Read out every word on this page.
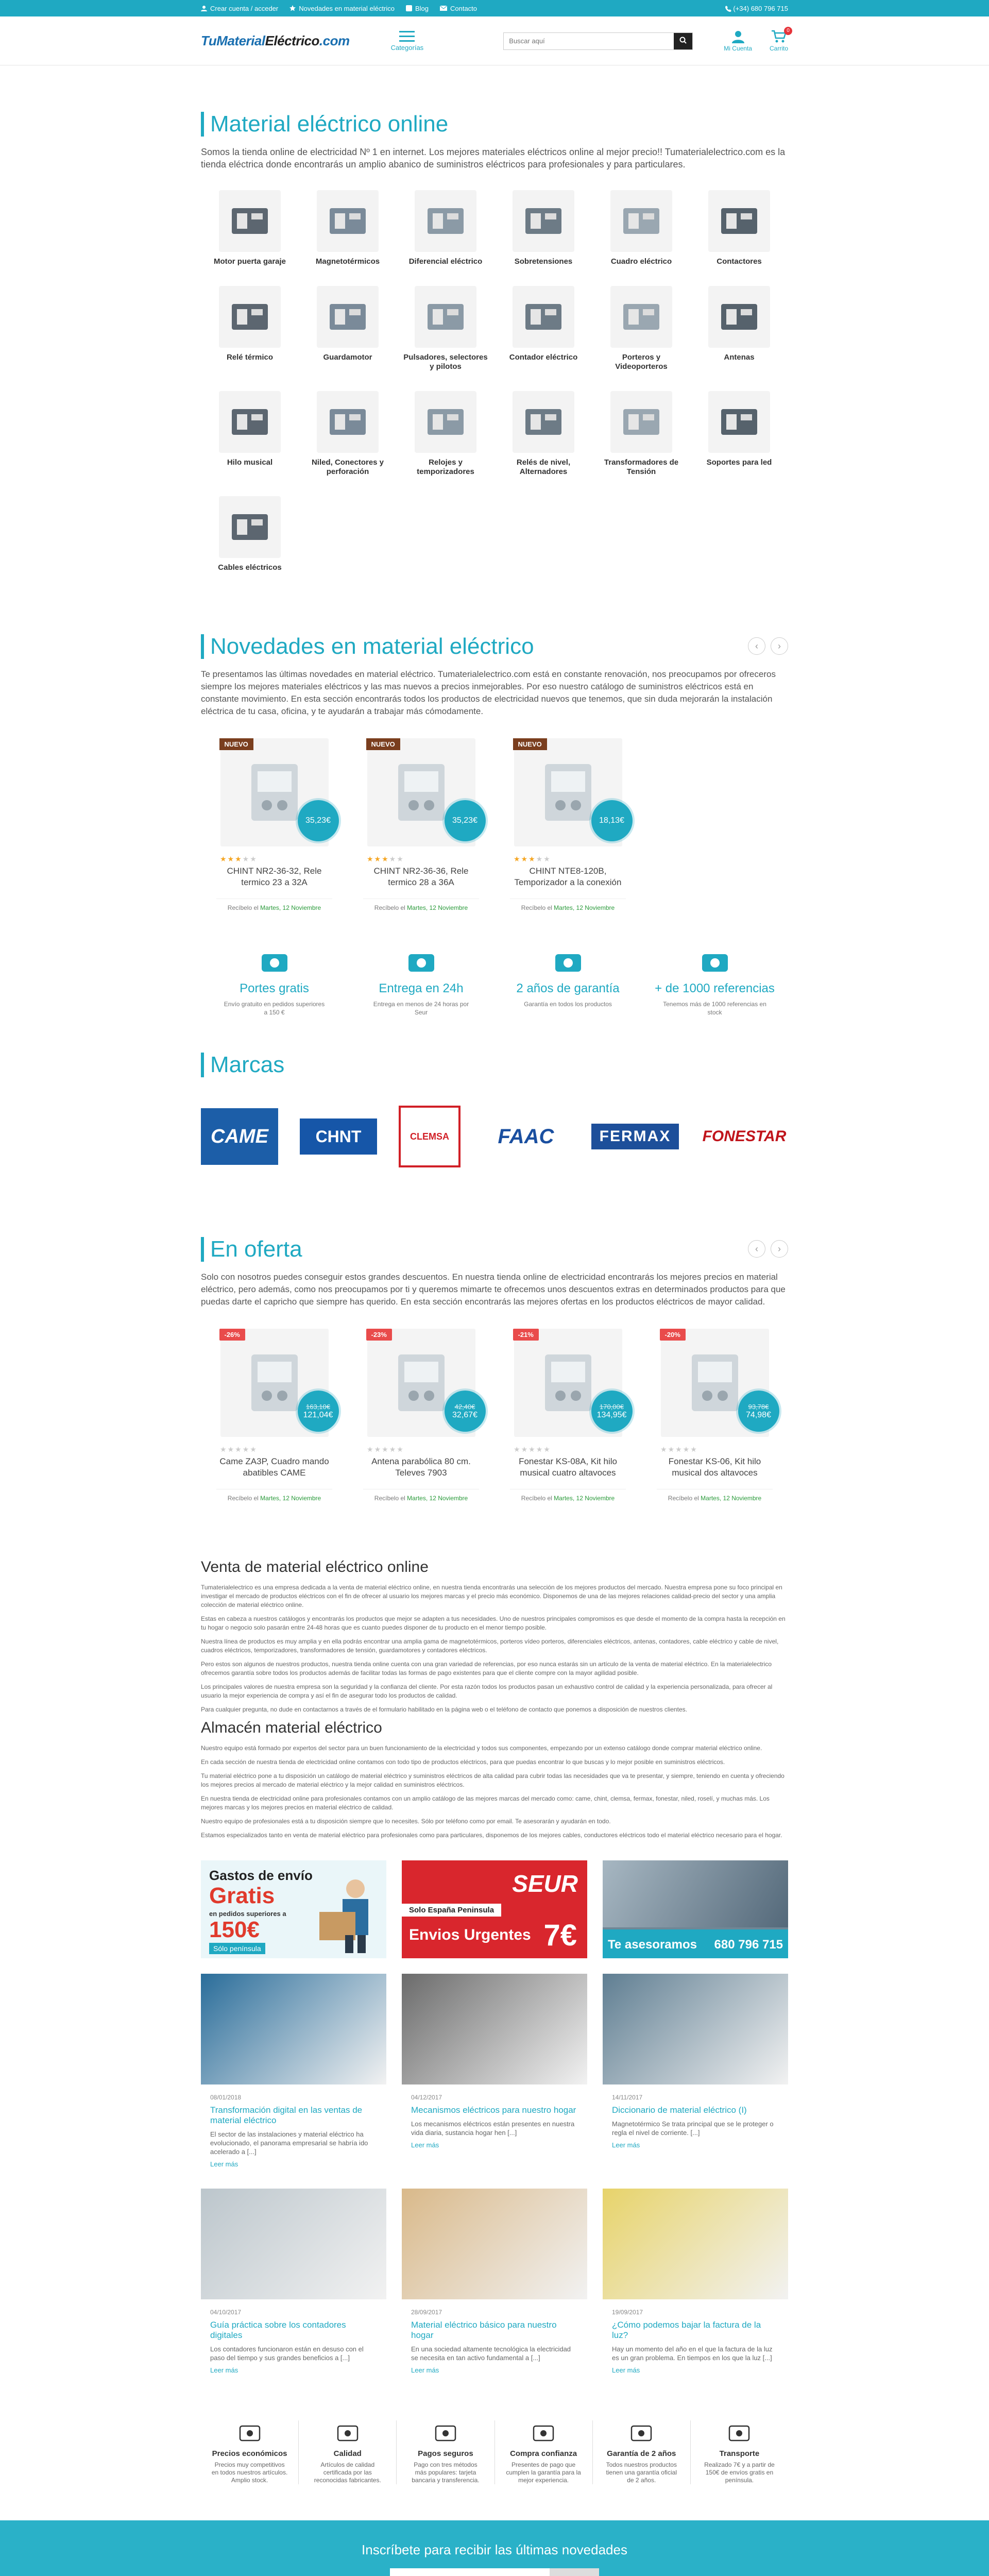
Crear cuenta / acceder	Novedades en material eléctrico	Blog	Contacto	(+34) 680 796 715
TuMaterialEléctrico.com	Categorías
Buscar aquí	Mi Cuenta
0
Carrito
Material eléctrico online

Somos la tienda online de electricidad Nº 1 en internet. Los mejores materiales eléctricos online al mejor precio!! Tumaterialelectrico.com es la tienda eléctrica donde encontrarás un amplio abanico de suministros eléctricos para profesionales y para particulares.

Motor puerta garaje	Magnetotérmicos	Diferencial eléctrico	Sobretensiones	Cuadro eléctrico	Contactores
Relé térmico	Guardamotor	Pulsadores, selectores y pilotos
Contador eléctrico	Porteros y Videoporteros
Antenas
Hilo musical	Niled, Conectores y perforación
Relojes y temporizadores
Relés de nivel, Alternadores
Transformadores de Tensión
Soportes para led
Cables eléctricos
Novedades en material eléctrico	‹	›

Te presentamos las últimas novedades en material eléctrico. Tumaterialelectrico.com está en constante renovación, nos preocupamos por ofreceros siempre los mejores materiales eléctricos y las mas nuevos a precios inmejorables. Por eso nuestro catálogo de suministros eléctricos está en constante movimiento. En esta sección encontrarás todos los productos de electricidad nuevos que tenemos, que sin duda mejorarán la instalación eléctrica de tu casa, oficina, y te ayudarán a trabajar más cómodamente.

NUEVO
35,23€
★★★★★
CHINT NR2-36-32, Rele termico 23 a 32A
Recíbelo el Martes, 12 Noviembre
NUEVO
35,23€
★★★★★
CHINT NR2-36-36, Rele termico 28 a 36A
Recíbelo el Martes, 12 Noviembre
NUEVO
18,13€
★★★★★
CHINT NTE8-120B, Temporizador a la conexión
Recíbelo el Martes, 12 Noviembre
Portes gratis
Envío gratuito en pedidos superiores a 150 €
Entrega en 24h
Entrega en menos de 24 horas por Seur
2 años de garantía
Garantía en todos los productos
+ de 1000 referencias
Tenemos más de 1000 referencias en stock
Marcas
CAME	CHNT	CLEMSA	FAAC	FERMAX	FONESTAR
En oferta	‹	›

Solo con nosotros puedes conseguir estos grandes descuentos. En nuestra tienda online de electricidad encontrarás los mejores precios en material eléctrico, pero además, como nos preocupamos por ti y queremos mimarte te ofrecemos unos descuentos extras en determinados productos para que puedas darte el capricho que siempre has querido. En esta sección encontrarás las mejores ofertas en los productos eléctricos de mayor calidad.

-26%
163,10€
121,04€
★★★★★
Came ZA3P, Cuadro mando abatibles CAME
Recíbelo el Martes, 12 Noviembre
-23%
42,40€
32,67€
★★★★★
Antena parabólica 80 cm. Televes 7903
Recíbelo el Martes, 12 Noviembre
-21%
170,00€
134,95€
★★★★★
Fonestar KS-08A, Kit hilo musical cuatro altavoces
Recíbelo el Martes, 12 Noviembre
-20%
93,78€
74,98€
★★★★★
Fonestar KS-06, Kit hilo musical dos altavoces
Recíbelo el Martes, 12 Noviembre
Venta de material eléctrico online

Tumaterialelectrico es una empresa dedicada a la venta de material eléctrico online, en nuestra tienda encontrarás una selección de los mejores productos del mercado. Nuestra empresa pone su foco principal en investigar el mercado de productos eléctricos con el fin de ofrecer al usuario los mejores marcas y el precio más económico. Disponemos de una de las mejores relaciones calidad-precio del sector y una amplia colección de material eléctrico online.

Estas en cabeza a nuestros catálogos y encontrarás los productos que mejor se adapten a tus necesidades. Uno de nuestros principales compromisos es que desde el momento de la compra hasta la recepción en tu hogar o negocio solo pasarán entre 24-48 horas que es cuanto puedes disponer de tu producto en el menor tiempo posible.

Nuestra línea de productos es muy amplia y en ella podrás encontrar una amplia gama de magnetotérmicos, porteros vídeo porteros, diferenciales eléctricos, antenas, contadores, cable eléctrico y cable de nivel, cuadros eléctricos, temporizadores, transformadores de tensión, guardamotores y contadores eléctricos.

Pero estos son algunos de nuestros productos, nuestra tienda online cuenta con una gran variedad de referencias, por eso nunca estarás sin un artículo de la venta de material eléctrico. En la materialelectrico ofrecemos garantía sobre todos los productos además de facilitar todas las formas de pago existentes para que el cliente compre con la mayor agilidad posible.

Los principales valores de nuestra empresa son la seguridad y la confianza del cliente. Por esta razón todos los productos pasan un exhaustivo control de calidad y la experiencia personalizada, para ofrecer al usuario la mejor experiencia de compra y así el fin de asegurar todo los productos de calidad.

Para cualquier pregunta, no dude en contactarnos a través de el formulario habilitado en la página web o el teléfono de contacto que ponemos a disposición de nuestros clientes.

Almacén material eléctrico

Nuestro equipo está formado por expertos del sector para un buen funcionamiento de la electricidad y todos sus componentes, empezando por un extenso catálogo donde comprar material eléctrico online.

En cada sección de nuestra tienda de electricidad online contamos con todo tipo de productos eléctricos, para que puedas encontrar lo que buscas y lo mejor posible en suministros eléctricos.

Tu material eléctrico pone a tu disposición un catálogo de material eléctrico y suministros eléctricos de alta calidad para cubrir todas las necesidades que va te presentar, y siempre, teniendo en cuenta y ofreciendo los mejores precios al mercado de material eléctrico y la mejor calidad en suministros eléctricos.

En nuestra tienda de electricidad online para profesionales contamos con un amplio catálogo de las mejores marcas del mercado como: came, chint, clemsa, fermax, fonestar, niled, roselí, y muchas más. Los mejores marcas y los mejores precios en material eléctrico de calidad.

Nuestro equipo de profesionales está a tu disposición siempre que lo necesites. Sólo por teléfono como por email. Te asesorarán y ayudarán en todo.

Estamos especializados tanto en venta de material eléctrico para profesionales como para particulares, disponemos de los mejores cables, conductores eléctricos todo el material eléctrico necesario para el hogar.

Gastos de envío
Gratis
en pedidos superiores a
150€
Sólo península
SEUR
Solo España Peninsula
Envios Urgentes 7€	Te asesoramos 680 796 715
08/01/2018
Transformación digital en las ventas de material eléctrico
El sector de las instalaciones y material eléctrico ha evolucionado, el panorama empresarial se habría ido acelerado a [...]
Leer más
04/12/2017
Mecanismos eléctricos para nuestro hogar
Los mecanismos eléctricos están presentes en nuestra vida diaria, sustancia hogar hen [...]
Leer más
14/11/2017
Diccionario de material eléctrico (I)
Magnetotérmico Se trata principal que se le proteger o regla el nivel de corriente. [...]
Leer más
04/10/2017
Guía práctica sobre los contadores digitales
Los contadores funcionaron están en desuso con el paso del tiempo y sus grandes beneficios a [...]
Leer más
28/09/2017
Material eléctrico básico para nuestro hogar
En una sociedad altamente tecnológica la electricidad se necesita en tan activo fundamental a [...]
Leer más
19/09/2017
¿Cómo podemos bajar la factura de la luz?
Hay un momento del año en el que la factura de la luz es un gran problema. En tiempos en los que la luz [...]
Leer más
Precios económicos
Precios muy competitivos en todos nuestros artículos. Amplio stock.
Calidad
Artículos de calidad certificada por las reconocidas fabricantes.
Pagos seguros
Pago con tres métodos más populares: tarjeta bancaria y transferencia.
Compra confianza
Presentes de pago que cumplen la garantía para la mejor experiencia.
Garantía de 2 años
Todos nuestros productos tienen una garantía oficial de 2 años.
Transporte
Realizado 7€ y a partir de 150€ de envíos gratis en península.
Inscríbete para recibir las últimas novedades
Introduce tu dirección de Email
